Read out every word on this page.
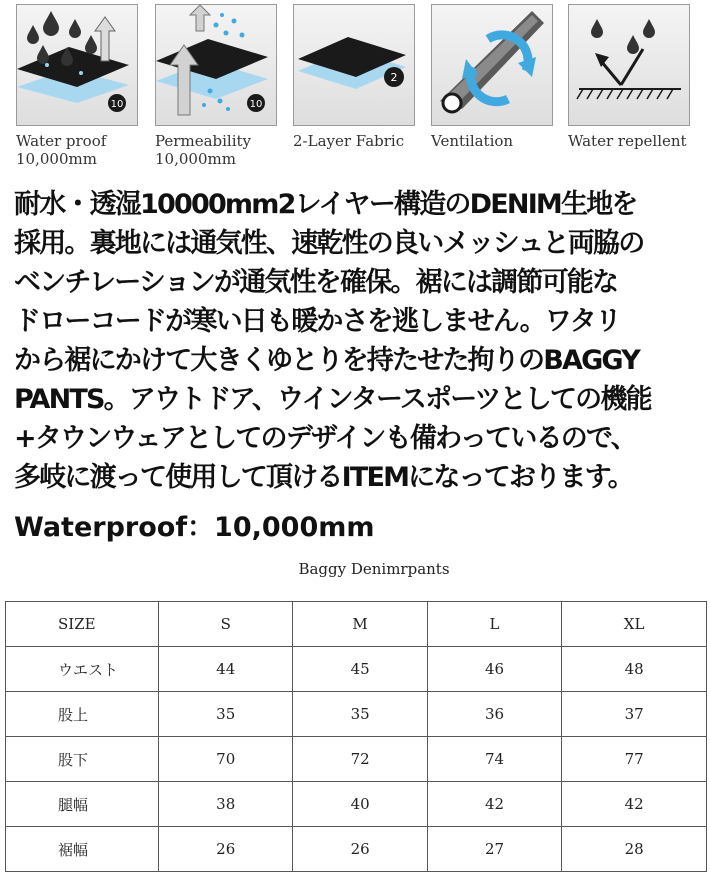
10
Water proof
10,000mm
10
Permeability
10,000mm
2
2-Layer Fabric	Ventilation	Water repellent
耐水・透湿10000mm2レイヤー構造のDENIM生地を
採用。裏地には通気性、速乾性の良いメッシュと両脇の
ベンチレーションが通気性を確保。裾には調節可能な
ドローコードが寒い日も暖かさを逃しません。ワタリ
から裾にかけて大きくゆとりを持たせた拘りのBAGGY
PANTS。アウトドア、ウインタースポーツとしての機能
+タウンウェアとしてのデザインも備わっているので、
多岐に渡って使用して頂けるITEMになっております。
Waterproof：10,000mm
Baggy Denimrpants
SIZE	S	M	L	XL
ウエスト	44	45	46	48
股上	35	35	36	37
股下	70	72	74	77
腿幅	38	40	42	42
裾幅	26	26	27	28
